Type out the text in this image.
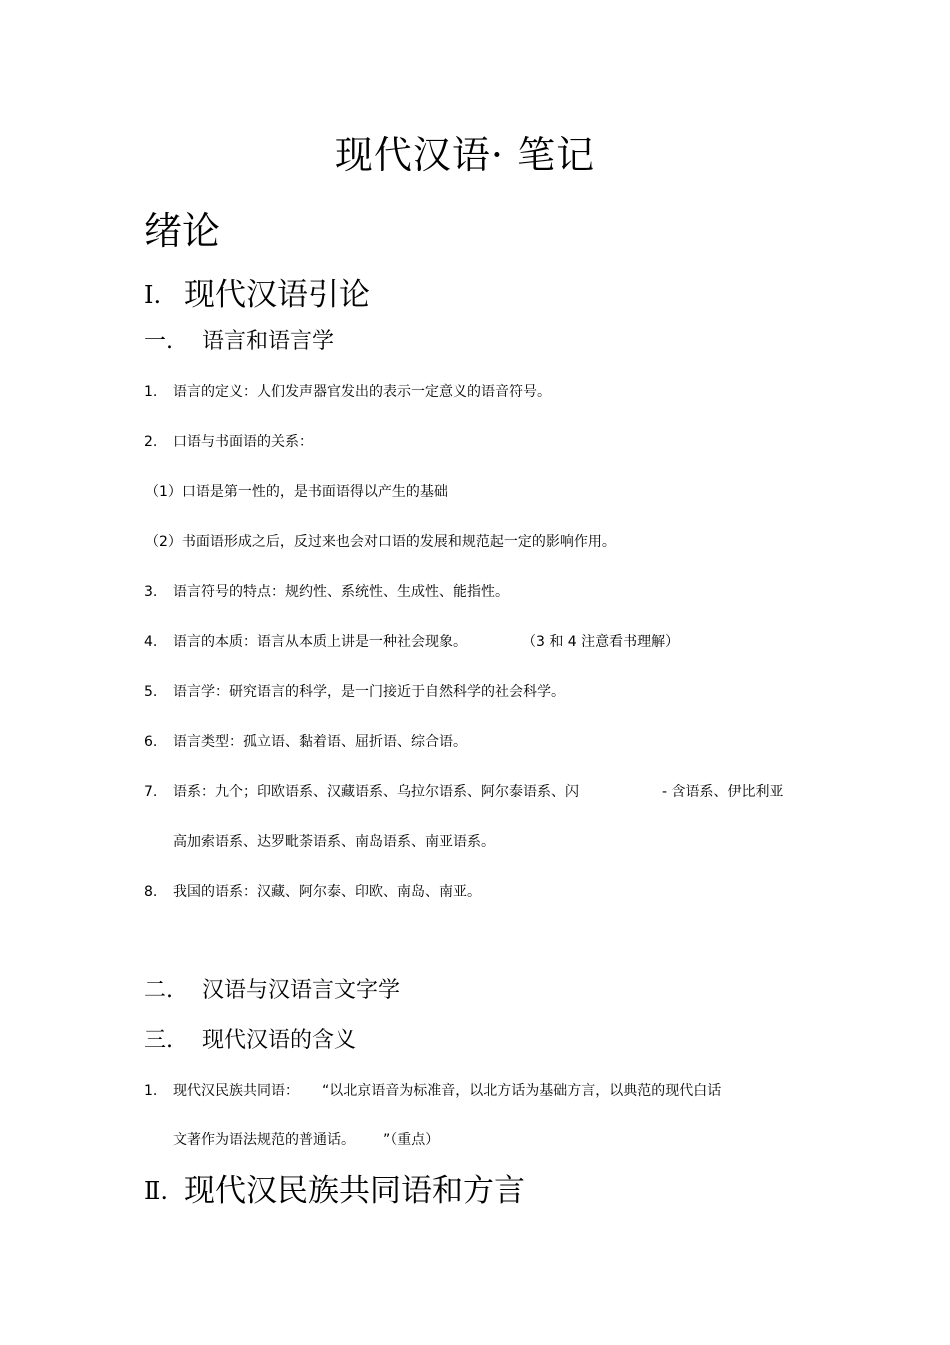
现代汉语· 笔记
绪论
Ⅰ. 现代汉语引论
一. 语言和语言学
1. 语言的定义：人们发声器官发出的表示一定意义的语音符号。
2. 口语与书面语的关系：
（1）口语是第一性的，是书面语得以产生的基础
（2）书面语形成之后，反过来也会对口语的发展和规范起一定的影响作用。
3. 语言符号的特点：规约性、系统性、生成性、能指性。
4. 语言的本质：语言从本质上讲是一种社会现象。	（3 和 4 注意看书理解）
5. 语言学：研究语言的科学，是一门接近于自然科学的社会科学。
6. 语言类型：孤立语、黏着语、屈折语、综合语。
7. 语系：九个；印欧语系、汉藏语系、乌拉尔语系、阿尔泰语系、闪	- 含语系、伊比利亚
高加索语系、达罗毗荼语系、南岛语系、南亚语系。
8. 我国的语系：汉藏、阿尔泰、印欧、南岛、南亚。
二. 汉语与汉语言文字学
三. 现代汉语的含义
1. 现代汉民族共同语： “以北京语音为标准音，以北方话为基础方言，以典范的现代白话
文著作为语法规范的普通话。 ”（重点）
Ⅱ. 现代汉民族共同语和方言
